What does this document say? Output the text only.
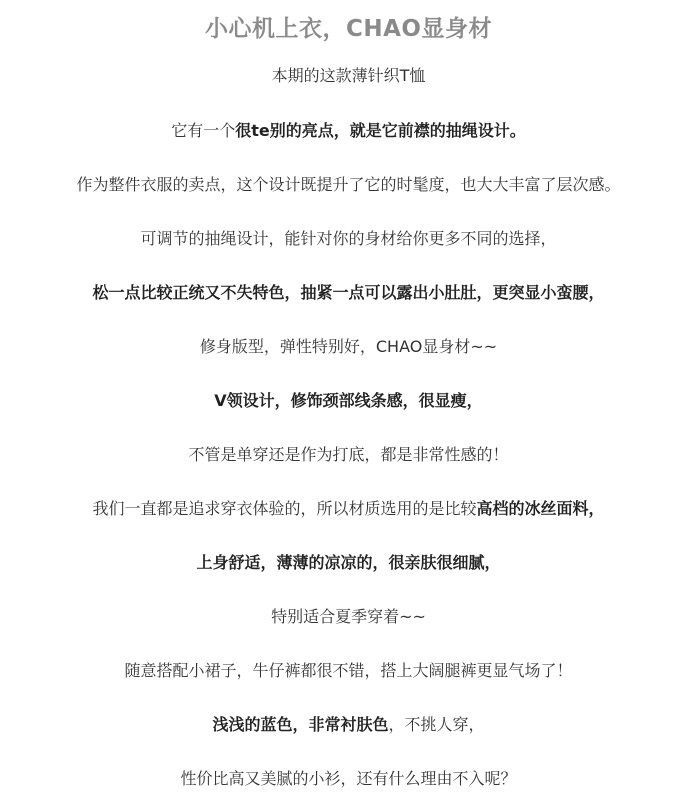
小心机上衣，CHAO显身材
本期的这款薄针织T恤
它有一个很te别的亮点，就是它前襟的抽绳设计。
作为整件衣服的卖点，这个设计既提升了它的时髦度，也大大丰富了层次感。
可调节的抽绳设计，能针对你的身材给你更多不同的选择，
松一点比较正统又不失特色，抽紧一点可以露出小肚肚，更突显小蛮腰，
修身版型，弹性特别好，CHAO显身材~~
V领设计，修饰颈部线条感，很显瘦，
不管是单穿还是作为打底，都是非常性感的！
我们一直都是追求穿衣体验的，所以材质选用的是比较高档的冰丝面料，
上身舒适，薄薄的凉凉的，很亲肤很细腻，
特别适合夏季穿着~~
随意搭配小裙子，牛仔裤都很不错，搭上大阔腿裤更显气场了！
浅浅的蓝色，非常衬肤色，不挑人穿，
性价比高又美腻的小衫，还有什么理由不入呢？
